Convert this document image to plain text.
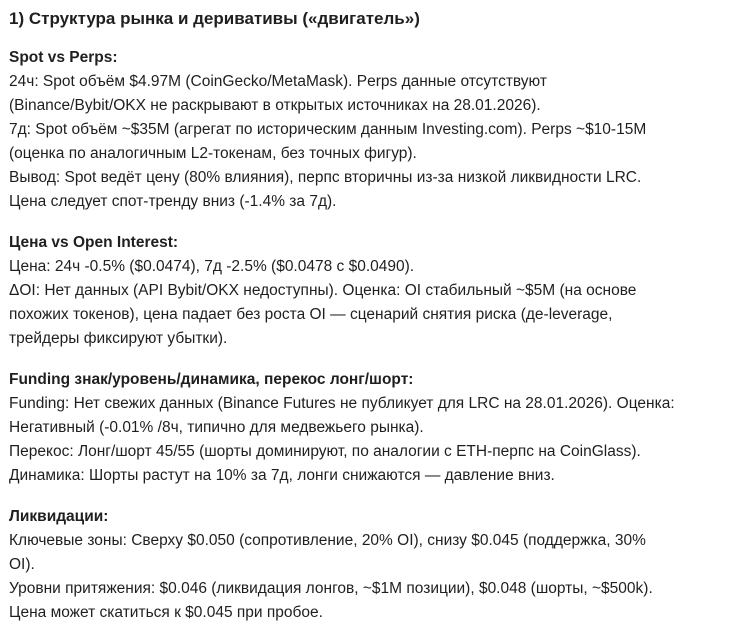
1) Структура рынка и деривативы («двигатель»)
Spot vs Perps:
24ч: Spot объём $4.97M (CoinGecko/MetaMask). Perps данные отсутствуют
(Binance/Bybit/OKX не раскрывают в открытых источниках на 28.01.2026).
7д: Spot объём ~$35M (агрегат по историческим данным Investing.com). Perps ~$10-15M
(оценка по аналогичным L2-токенам, без точных фигур).
Вывод: Spot ведёт цену (80% влияния), перпс вторичны из-за низкой ликвидности LRC.
Цена следует спот-тренду вниз (-1.4% за 7д).
Цена vs Open Interest:
Цена: 24ч -0.5% ($0.0474), 7д -2.5% ($0.0478 с $0.0490).
ΔOI: Нет данных (API Bybit/OKX недоступны). Оценка: OI стабильный ~$5M (на основе
похожих токенов), цена падает без роста OI — сценарий снятия риска (де-leverage,
трейдеры фиксируют убытки).
Funding знак/уровень/динамика, перекос лонг/шорт:
Funding: Нет свежих данных (Binance Futures не публикует для LRC на 28.01.2026). Оценка:
Негативный (-0.01% /8ч, типично для медвежьего рынка).
Перекос: Лонг/шорт 45/55 (шорты доминируют, по аналогии с ETH-перпс на CoinGlass).
Динамика: Шорты растут на 10% за 7д, лонги снижаются — давление вниз.
Ликвидации:
Ключевые зоны: Сверху $0.050 (сопротивление, 20% OI), снизу $0.045 (поддержка, 30%
OI).
Уровни притяжения: $0.046 (ликвидация лонгов, ~$1M позиции), $0.048 (шорты, ~$500k).
Цена может скатиться к $0.045 при пробое.
